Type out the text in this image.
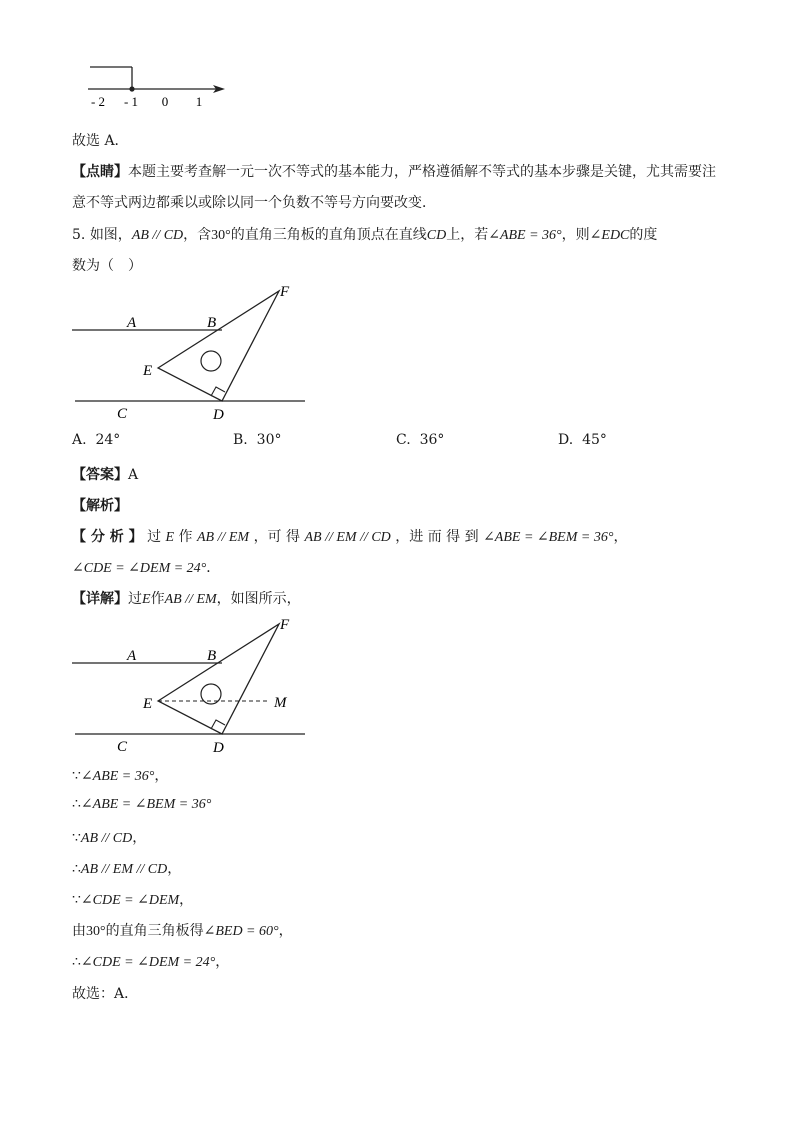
- 2 - 1 0 1
故选 A．
【点睛】本题主要考查解一元一次不等式的基本能力，严格遵循解不等式的基本步骤是关键，尤其需要注
意不等式两边都乘以或除以同一个负数不等号方向要改变．
5. 如图，AB // CD，含30°的直角三角板的直角顶点在直线CD上，若∠ABE = 36°，则∠EDC的度
数为（　）
A	B
E
F
C	D
A. 24°	B. 30°	C. 36°	D. 45°
【答案】A
【解析】
【 分 析 】 过 E 作 AB // EM ，可 得 AB // EM // CD ，进 而 得 到 ∠ABE = ∠BEM = 36°，
∠CDE = ∠DEM = 24°．
【详解】过E作AB // EM，如图所示，
A	B
E	M
F
C	D
∵∠ABE = 36°，
∴∠ABE = ∠BEM = 36°
∵AB // CD，
∴AB // EM // CD，
∵∠CDE = ∠DEM，
由30°的直角三角板得∠BED = 60°，
∴∠CDE = ∠DEM = 24°，
故选：A．
